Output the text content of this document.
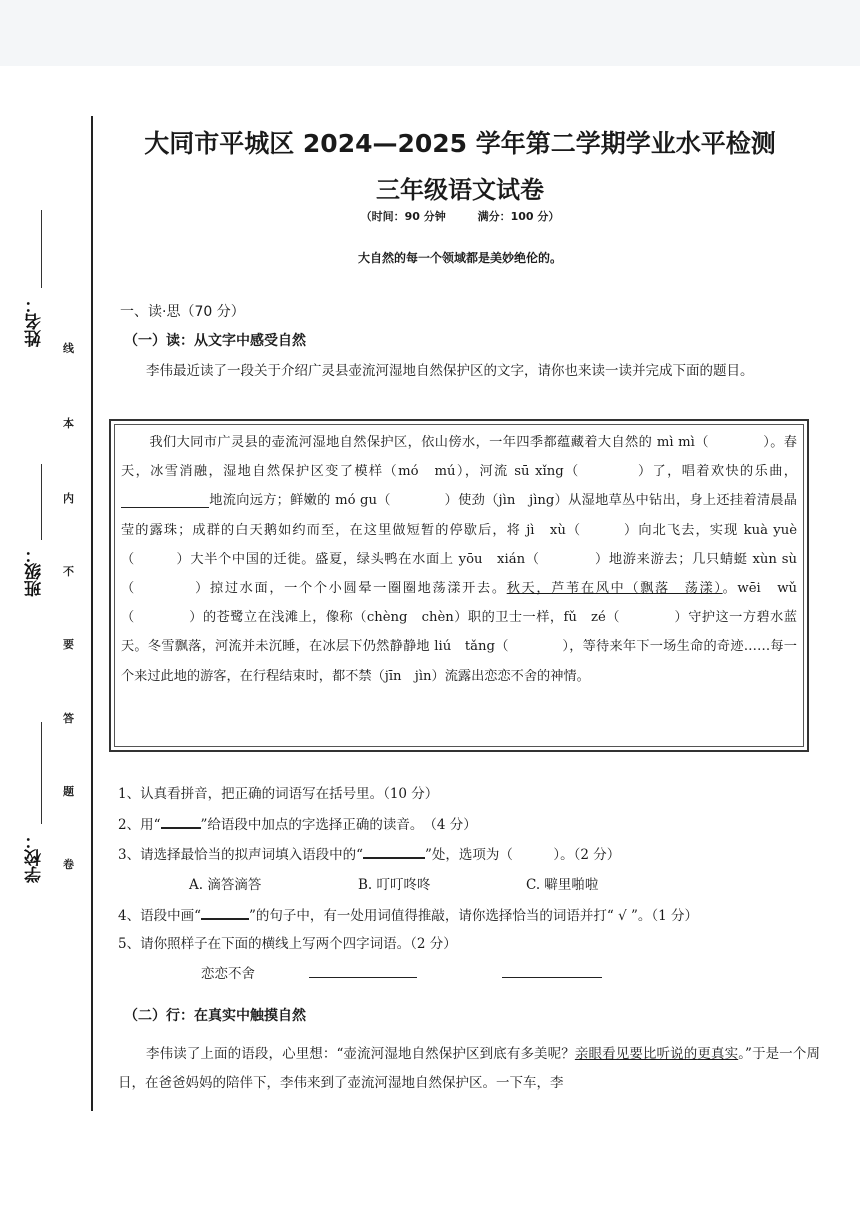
姓名：
班级：
学校：
线
本
内
不
要
答
题
卷
大同市平城区 2024—2025 学年第二学期学业水平检测
三年级语文试卷
（时间：90 分钟	满分：100 分）
大自然的每一个领域都是美妙绝伦的。
一、读·思（70 分）
（一）读：从文字中感受自然
李伟最近读了一段关于介绍广灵县壶流河湿地自然保护区的文字，请你也来读一读并完成下面的题目。
我们大同市广灵县的壶流河湿地自然保护区，依山傍水，一年四季都蕴藏着大自然的 mì mì（　　　　）。春天，冰雪消融，湿地自然保护区变了模样（mó　mú），河流 sū xǐng（　　　　）了，唱着欢快的乐曲，地流向远方；鲜嫩的 mó gu（　　　　）使劲（jìn　jìng）从湿地草丛中钻出，身上还挂着清晨晶莹的露珠；成群的白天鹅如约而至，在这里做短暂的停歇后，将 jì　xù（　　　）向北飞去，实现 kuà yuè（　　　）大半个中国的迁徙。盛夏，绿头鸭在水面上 yōu　xián（　　　　）地游来游去；几只蜻蜓 xùn sù（　　　　）掠过水面，一个个小圆晕一圈圈地荡漾开去。秋天，芦苇在风中（飘落　荡漾）。wēi　wǔ（　　　　）的苍鹭立在浅滩上，像称（chèng　chèn）职的卫士一样，fǔ　zé（　　　　）守护这一方碧水蓝天。冬雪飘落，河流并未沉睡，在冰层下仍然静静地 liú　tǎng（　　　　），等待来年下一场生命的奇迹……每一个来过此地的游客，在行程结束时，都不禁（jīn　jìn）流露出恋恋不舍的神情。
1、认真看拼音，把正确的词语写在括号里。（10 分）
2、用“	”给语段中加点的字选择正确的读音。　（4 分）
3、请选择最恰当的拟声词填入语段中的“	”处，选项为（　　　）。（2 分）
A. 滴答滴答	B. 叮叮咚咚	C. 噼里啪啦
4、语段中画“	”的句子中，有一处用词值得推敲，请你选择恰当的词语并打“ √ ”。（1 分）
5、请你照样子在下面的横线上写两个四字词语。（2 分）
恋恋不舍
（二）行：在真实中触摸自然
李伟读了上面的语段，心里想：“壶流河湿地自然保护区到底有多美呢？亲眼看见要比听说的更真实。”于是一个周日，在爸爸妈妈的陪伴下，李伟来到了壶流河湿地自然保护区。一下车，李
